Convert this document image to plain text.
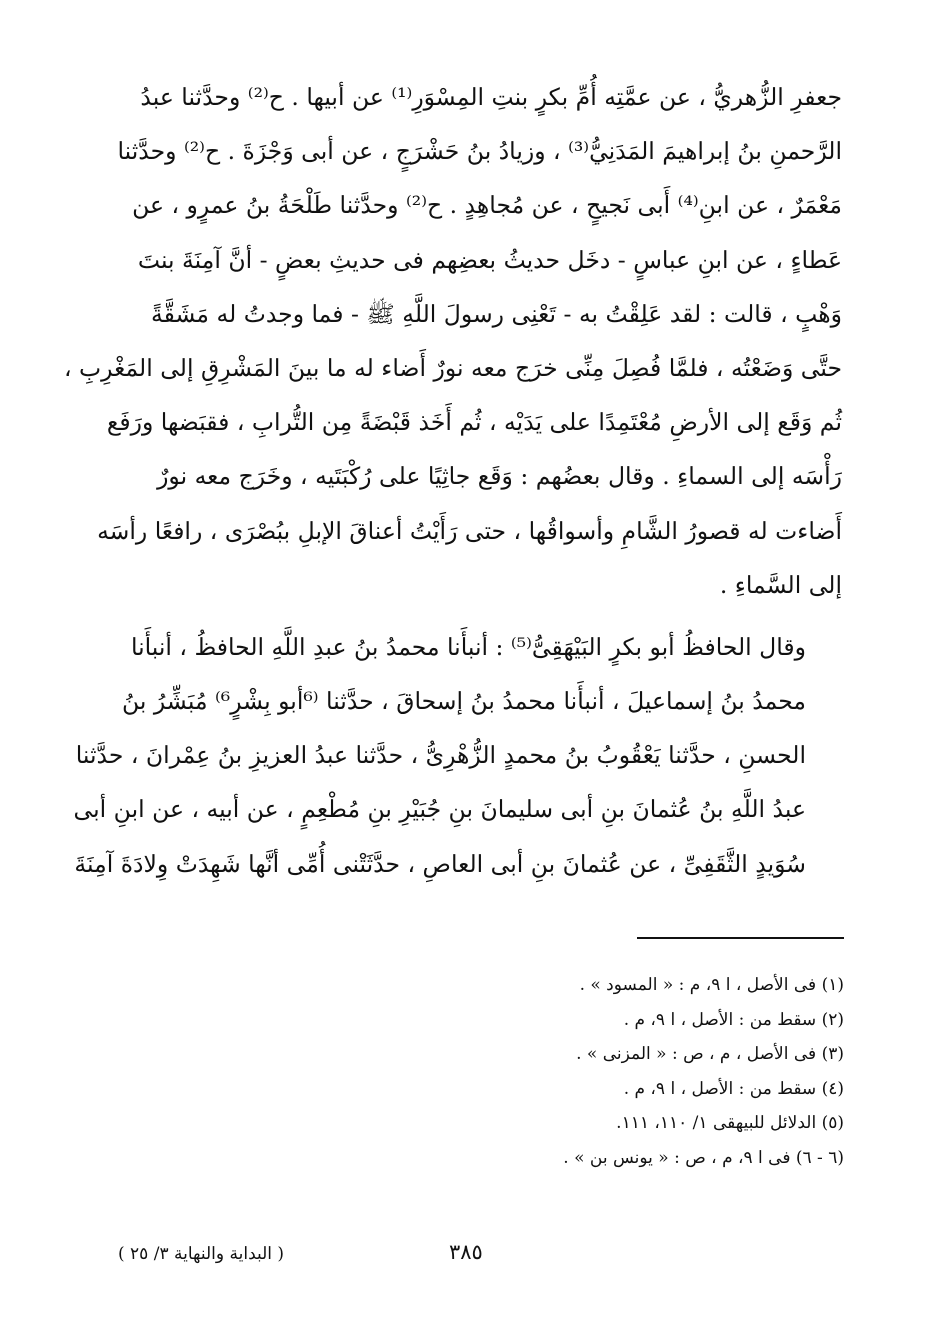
جعفرِ الزُّهريُّ ، عن عمَّتِه أُمِّ بكرٍ بنتِ المِسْوَرِ⁽¹⁾ عن أبيها . ح⁽²⁾ وحدَّثنا عبدُ
الرَّحمنِ بنُ إبراهيمَ المَدَنِيُّ⁽³⁾ ، وزيادُ بنُ حَشْرَجٍ ، عن أبى وَجْزَةَ . ح⁽²⁾ وحدَّثنا
مَعْمَرٌ ، عن ابنِ⁽⁴⁾ أَبى نَجيحٍ ، عن مُجاهِدٍ . ح⁽²⁾ وحدَّثنا طَلْحَةُ بنُ عمرٍو ، عن
عَطاءٍ ، عن ابنِ عباسٍ - دخَل حديثُ بعضِهم فى حديثِ بعضٍ - أنَّ آمِنَةَ بنتَ
وَهْبٍ ، قالت : لقد عَلِقْتُ به - تَعْنِى رسولَ اللَّهِ ﷺ - فما وجدتُ له مَشَقَّةً
حتَّى وَضَعْتُه ، فلمَّا فُصِلَ مِنِّى خرَج معه نورٌ أَضاء له ما بينَ المَشْرِقِ إلى المَغْرِبِ ،
ثُم وَقَع إلى الأرضِ مُعْتَمِدًا على يَدَيْه ، ثُم أَخَذ قَبْضَةً مِن التُّرابِ ، فقبَضها ورَفَع
رَأْسَه إلى السماءِ . وقال بعضُهم : وَقَع جاثِيًا على رُكْبَتَيه ، وخَرَج معه نورٌ
أَضاءت له قصورُ الشَّامِ وأسواقُها ، حتى رَأَيْتُ أعناقَ الإبلِ ببُصْرَى ، رافعًا رأسَه
إلى السَّماءِ .

وقال الحافظُ أبو بكرٍ البَيْهَقِىُّ⁽⁵⁾ : أنبأَنا محمدُ بنُ عبدِ اللَّهِ الحافظُ ، أنبأَنا
محمدُ بنُ إسماعيلَ ، أنبأَنا محمدُ بنُ إسحاقَ ، حدَّثنا ⁽⁶أبو بِشْرٍ⁶⁾ مُبَشِّرُ بنُ
الحسنِ ، حدَّثنا يَعْقُوبُ بنُ محمدٍ الزُّهْرِىُّ ، حدَّثنا عبدُ العزيزِ بنُ عِمْرانَ ، حدَّثنا
عبدُ اللَّهِ بنُ عُثمانَ بنِ أبى سليمانَ بنِ جُبَيْرِ بنِ مُطْعِمٍ ، عن أبيه ، عن ابنِ أبى
سُوَيدٍ الثَّقَفِىِّ ، عن عُثمانَ بنِ أبى العاصِ ، حدَّثَتْنى أُمِّى أنَّها شَهِدَتْ وِلادَةَ آمِنَةَ

(١) فى الأصل ، ا ٩، م : « المسود » .
(٢) سقط من : الأصل ، ا ٩، م .
(٣) فى الأصل ، م ، ص : « المزنى » .
(٤) سقط من : الأصل ، ا ٩، م .
(٥) الدلائل للبيهقى ١/ ١١٠، ١١١.
(٦ - ٦) فى ا ٩، م ، ص : « يونس بن » .
٣٨٥
( البداية والنهاية ٣/ ٢٥ )
